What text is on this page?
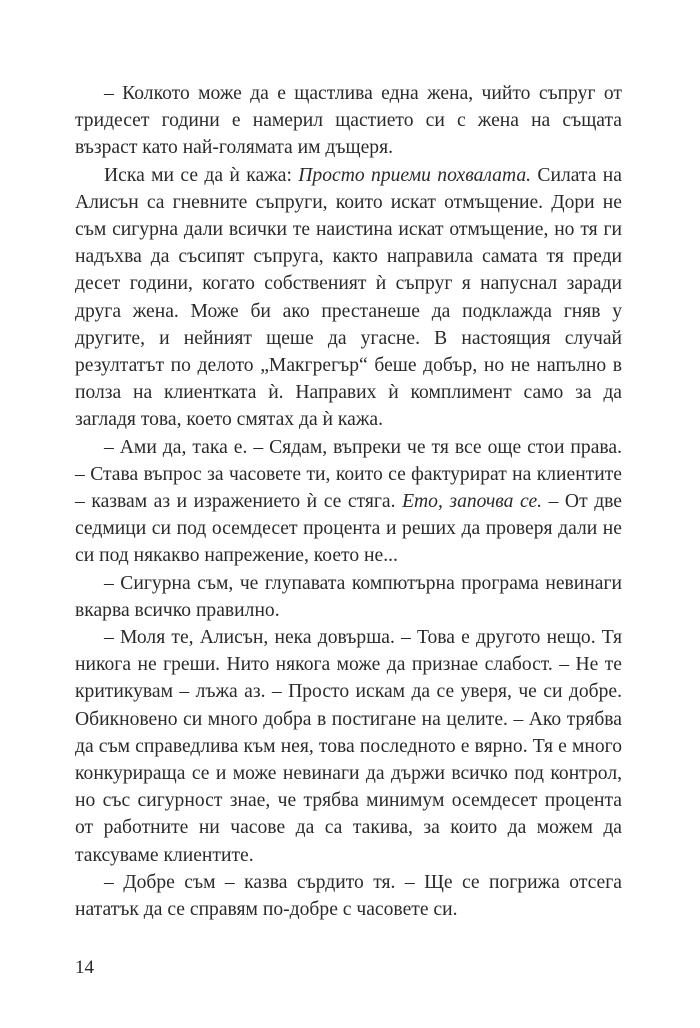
– Колкото може да е щастлива една жена, чийто съпруг от тридесет години е намерил щастието си с жена на същата възраст като най-голямата им дъщеря.

Иска ми се да ѝ кажа: Просто приеми похвалата. Силата на Алисън са гневните съпруги, които искат отмъщение. Дори не съм сигурна дали всички те наистина искат отмъщение, но тя ги надъхва да съсипят съпруга, както направила самата тя преди десет години, когато собственият ѝ съпруг я напуснал заради друга жена. Може би ако престанеше да подклажда гняв у другите, и нейният щеше да угасне. В настоящия случай резултатът по делото „Макгрегър“ беше добър, но не напълно в полза на клиентката ѝ. Направих ѝ комплимент само за да загладя това, което смятах да ѝ кажа.

– Ами да, така е. – Сядам, въпреки че тя все още стои права. – Става въпрос за часовете ти, които се фактурират на клиентите – казвам аз и изражението ѝ се стяга. Ето, започва се. – От две седмици си под осемдесет процента и реших да проверя дали не си под някакво напрежение, което не...

– Сигурна съм, че глупавата компютърна програма невинаги вкарва всичко правилно.

– Моля те, Алисън, нека довърша. – Това е другото нещо. Тя никога не греши. Нито някога може да признае слабост. – Не те критикувам – лъжа аз. – Просто искам да се уверя, че си добре. Обикновено си много добра в постигане на целите. – Ако трябва да съм справедлива към нея, това последното е вярно. Тя е много конкурираща се и може невинаги да държи всичко под контрол, но със сигурност знае, че трябва минимум осемдесет процента от работните ни часове да са такива, за които да можем да таксуваме клиентите.

– Добре съм – казва сърдито тя. – Ще се погрижа отсега нататък да се справям по-добре с часовете си.

14
